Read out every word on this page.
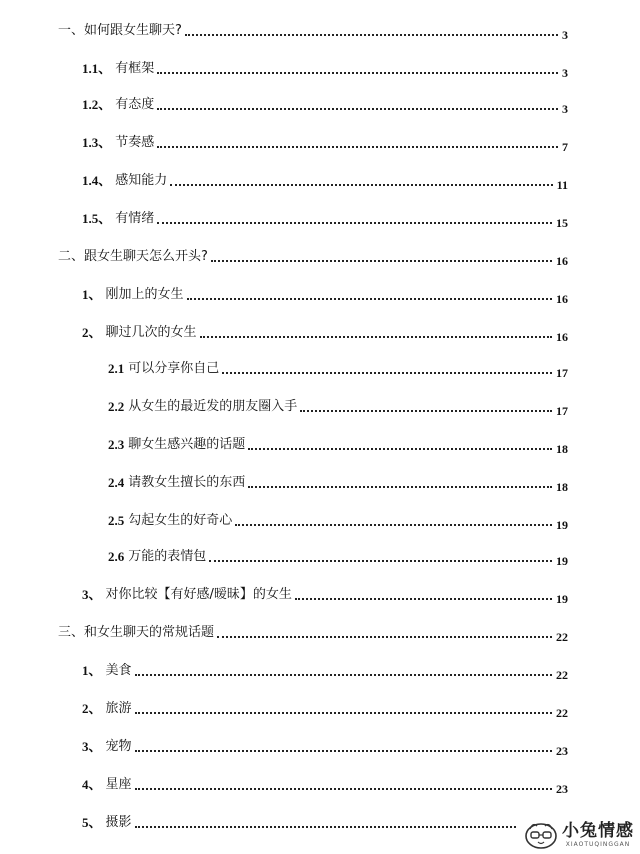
一、 如何跟女生聊天?	3
1.1、 有框架	3
1.2、 有态度	3
1.3、 节奏感	7
1.4、 感知能力	11
1.5、 有情绪	15
二、 跟女生聊天怎么开头?	16
1、 刚加上的女生	16
2、 聊过几次的女生	16
2.1 可以分享你自己	17
2.2 从女生的最近发的朋友圈入手	17
2.3 聊女生感兴趣的话题	18
2.4 请教女生擅长的东西	18
2.5 勾起女生的好奇心	19
2.6 万能的表情包	19
3、 对你比较【有好感/暧昧】的女生	19
三、 和女生聊天的常规话题	22
1、 美食	22
2、 旅游	22
3、 宠物	23
4、 星座	23
5、 摄影	小兔情感
XIAOTUQINGGAN
